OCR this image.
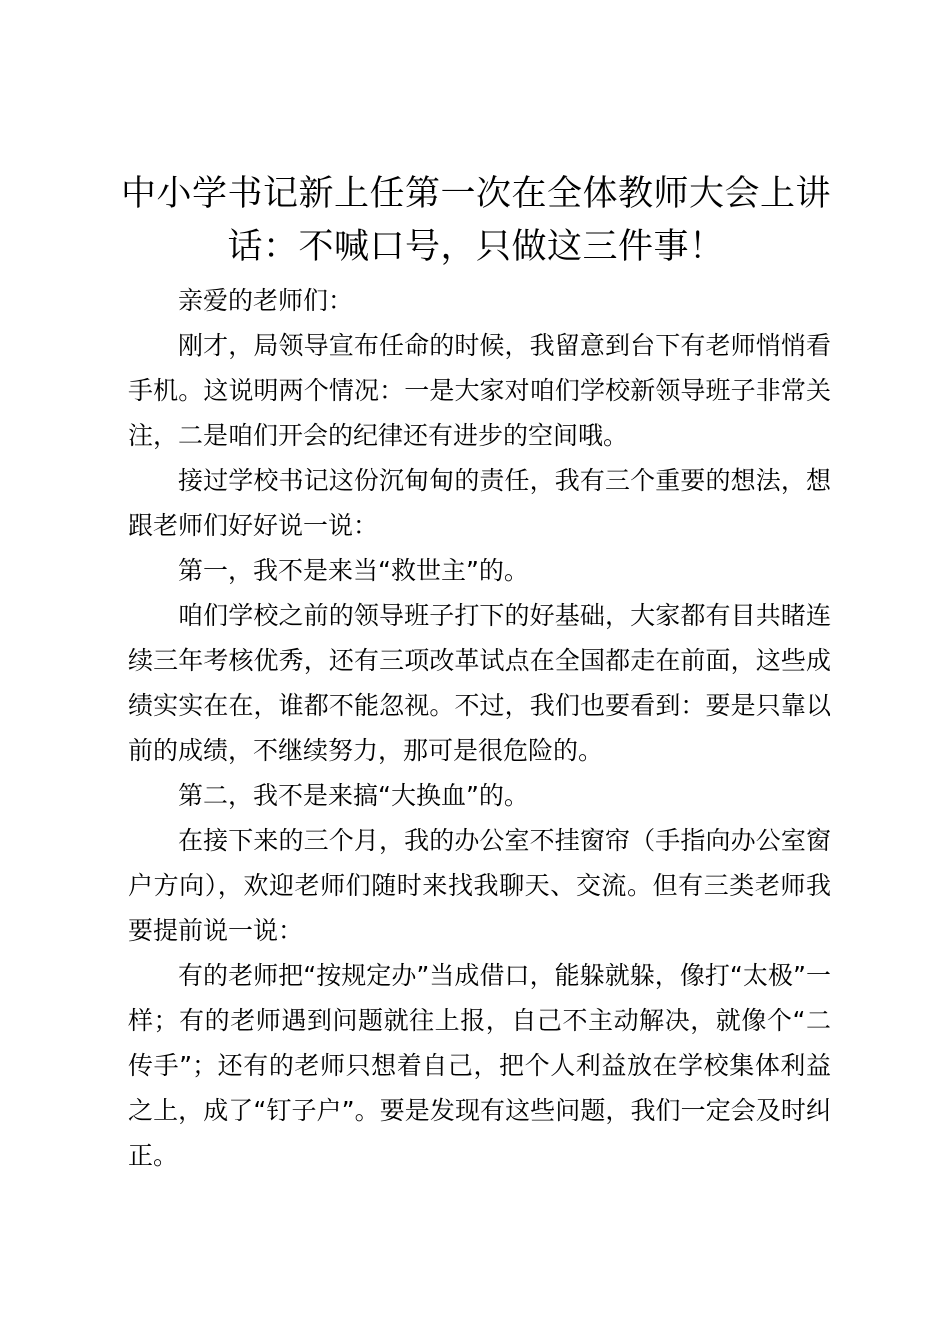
中小学书记新上任第一次在全体教师大会上讲话：不喊口号，只做这三件事！

亲爱的老师们：

刚才，局领导宣布任命的时候，我留意到台下有老师悄悄看手机。这说明两个情况：一是大家对咱们学校新领导班子非常关注，二是咱们开会的纪律还有进步的空间哦。

接过学校书记这份沉甸甸的责任，我有三个重要的想法，想跟老师们好好说一说：

第一，我不是来当“救世主”的。

咱们学校之前的领导班子打下的好基础，大家都有目共睹连续三年考核优秀，还有三项改革试点在全国都走在前面，这些成绩实实在在，谁都不能忽视。不过，我们也要看到：要是只靠以前的成绩，不继续努力，那可是很危险的。

第二，我不是来搞“大换血”的。

在接下来的三个月，我的办公室不挂窗帘（手指向办公室窗户方向），欢迎老师们随时来找我聊天、交流。但有三类老师我要提前说一说：

有的老师把“按规定办”当成借口，能躲就躲，像打“太极”一样；有的老师遇到问题就往上报，自己不主动解决，就像个“二传手”；还有的老师只想着自己，把个人利益放在学校集体利益之上，成了“钉子户”。要是发现有这些问题，我们一定会及时纠正。
